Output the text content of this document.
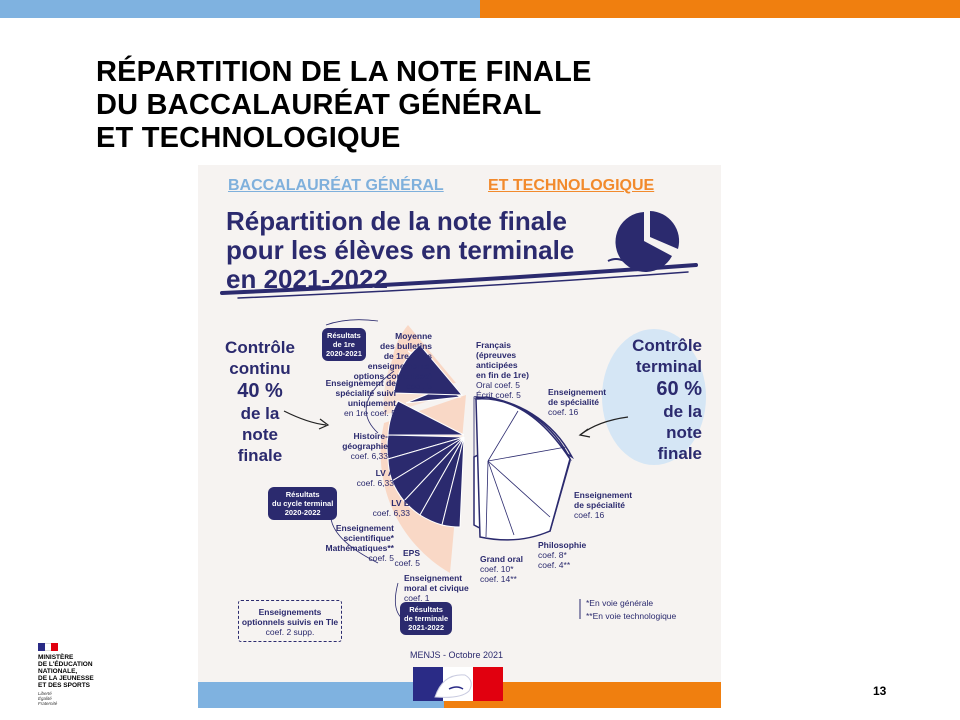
RÉPARTITION DE LA NOTE FINALE
DU BACCALAURÉAT GÉNÉRAL
ET TECHNOLOGIQUE
BACCALAURÉAT GÉNÉRAL	ET TECHNOLOGIQUE
Répartition de la note finale
pour les élèves en terminale
en 2021-2022
Contrôle
continu
40 %
de la
note
finale
Contrôle
terminal
60 %
de la
note
finale
Résultats
de 1re
2020-2021
Résultats
du cycle terminal
2020-2022
Résultats
de terminale
2021-2022
Moyenne
des bulletins
de 1re (tous
enseignements,
options comprises)
coef. 5
Enseignement de
spécialité suivi
uniquement
en 1re coef. 5
Histoire-
géographie
coef. 6,33
LV A
coef. 6,33
LV B
coef. 6,33
Enseignement
scientifique*
Mathématiques**
coef. 5	EPS
coef. 5
Enseignement
moral et civique
coef. 1
Français
(épreuves
anticipées
en fin de 1re)
Oral coef. 5
Écrit coef. 5	Enseignement
de spécialité
coef. 16
Enseignement
de spécialité
coef. 16
Philosophie
coef. 8*
coef. 4**
Grand oral
coef. 10*
coef. 14**
Enseignements
optionnels suivis en Tle
coef. 2 supp.
*En voie générale
**En voie technologique
MENJS - Octobre 2021
MINISTÈRE
DE L'ÉDUCATION
NATIONALE,
DE LA JEUNESSE
ET DES SPORTS
Liberté
Égalité
Fraternité
13
